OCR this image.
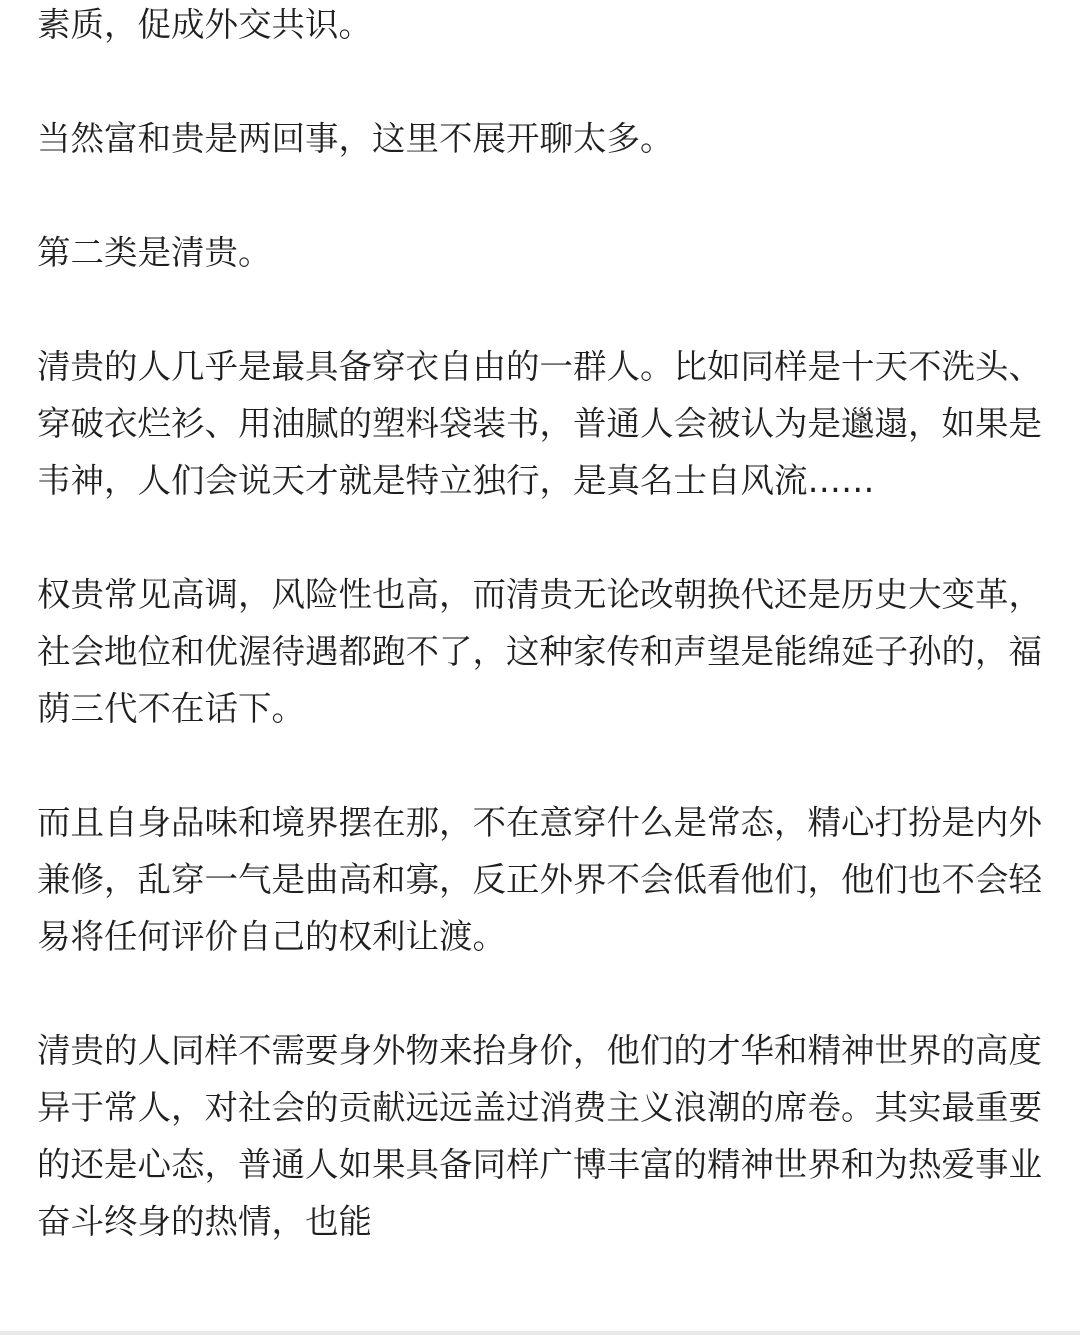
素质，促成外交共识。

当然富和贵是两回事，这里不展开聊太多。

第二类是清贵。

清贵的人几乎是最具备穿衣自由的一群人。比如同样是十天不洗头、穿破衣烂衫、用油腻的塑料袋装书，普通人会被认为是邋遢，如果是韦神，人们会说天才就是特立独行，是真名士自风流……

权贵常见高调，风险性也高，而清贵无论改朝换代还是历史大变革，社会地位和优渥待遇都跑不了，这种家传和声望是能绵延子孙的，福荫三代不在话下。

而且自身品味和境界摆在那，不在意穿什么是常态，精心打扮是内外兼修，乱穿一气是曲高和寡，反正外界不会低看他们，他们也不会轻易将任何评价自己的权利让渡。

清贵的人同样不需要身外物来抬身价，他们的才华和精神世界的高度异于常人，对社会的贡献远远盖过消费主义浪潮的席卷。其实最重要的还是心态，普通人如果具备同样广博丰富的精神世界和为热爱事业奋斗终身的热情，也能
